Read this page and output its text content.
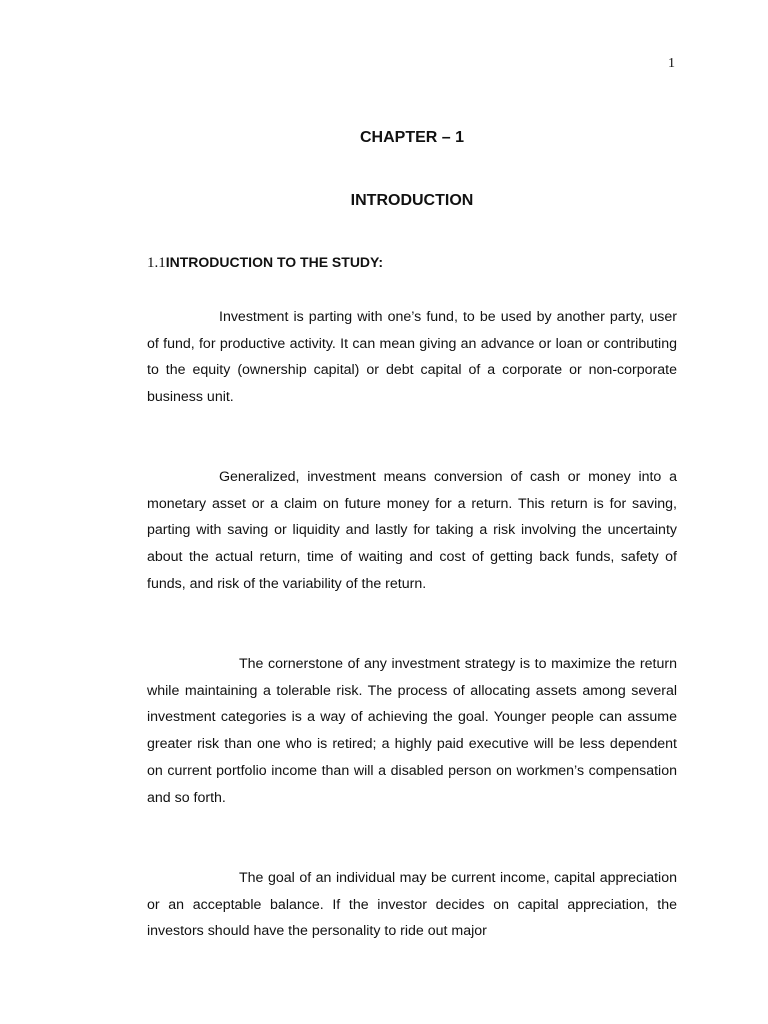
1
CHAPTER – 1
INTRODUCTION
1.1INTRODUCTION TO THE STUDY:

Investment is parting with one’s fund, to be used by another party, user of fund, for productive activity. It can mean giving an advance or loan or contributing to the equity (ownership capital) or debt capital of a corporate or non-corporate business unit.

Generalized, investment means conversion of cash or money into a monetary asset or a claim on future money for a return. This return is for saving, parting with saving or liquidity and lastly for taking a risk involving the uncertainty about the actual return, time of waiting and cost of getting back funds, safety of funds, and risk of the variability of the return.

The cornerstone of any investment strategy is to maximize the return while maintaining a tolerable risk. The process of allocating assets among several investment categories is a way of achieving the goal. Younger people can assume greater risk than one who is retired; a highly paid executive will be less dependent on current portfolio income than will a disabled person on workmen’s compensation and so forth.

The goal of an individual may be current income, capital appreciation or an acceptable balance. If the investor decides on capital appreciation, the investors should have the personality to ride out major
